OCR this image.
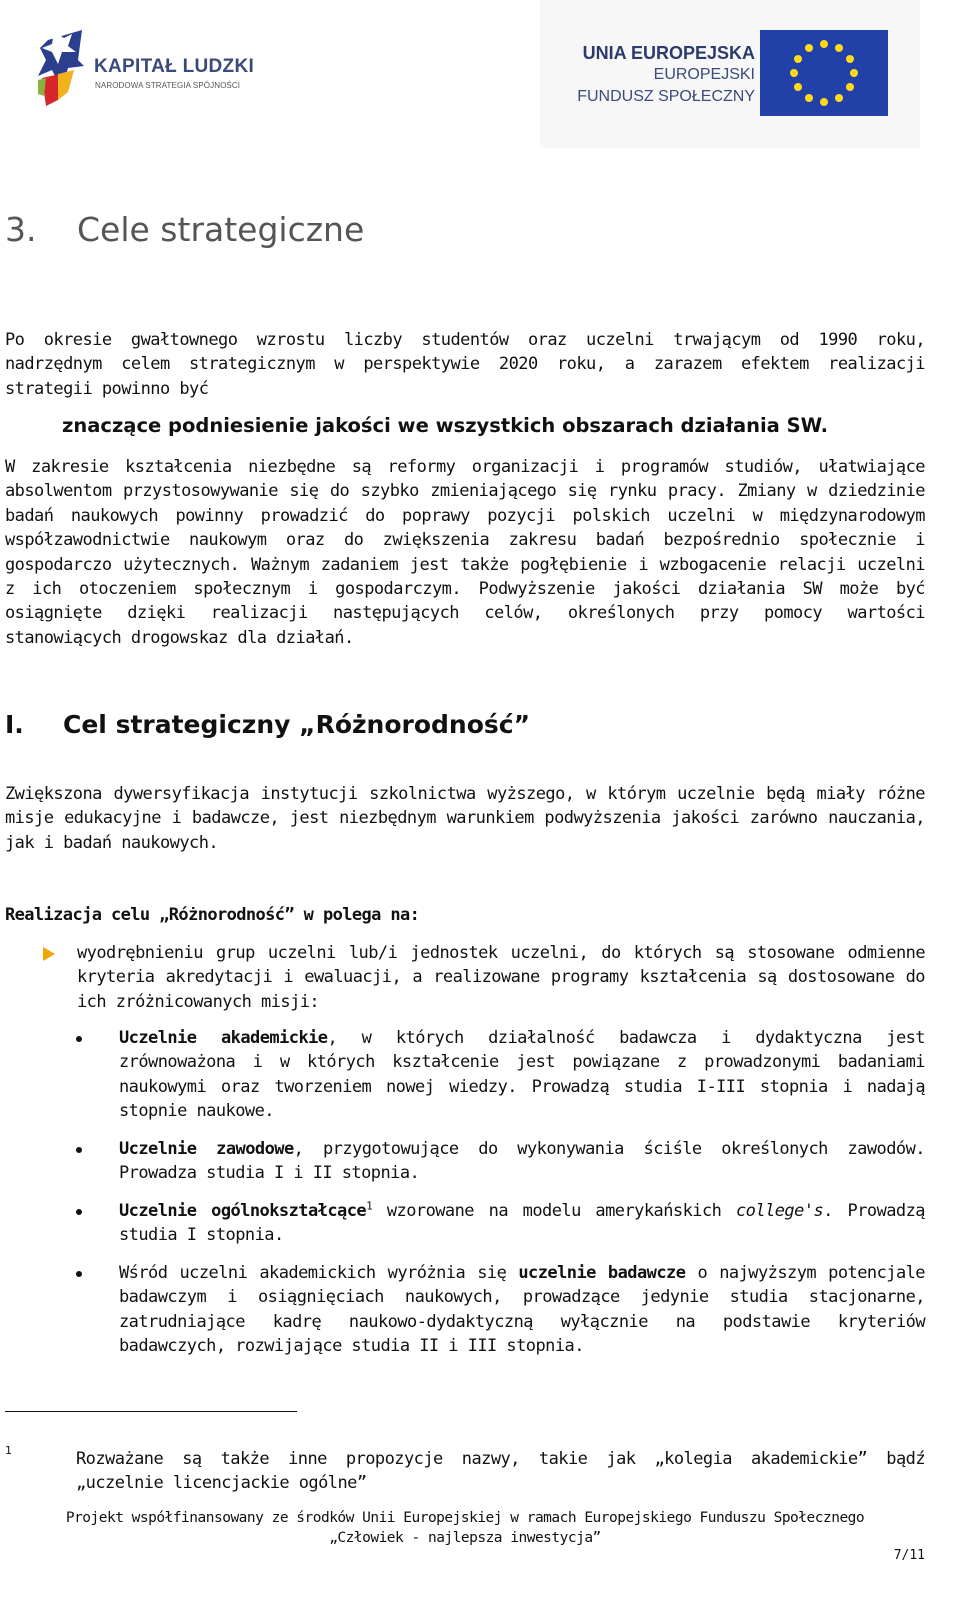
KAPITAŁ LUDZKI
NARODOWA STRATEGIA SPÓJNOŚCI
UNIA EUROPEJSKA
EUROPEJSKI
FUNDUSZ SPOŁECZNY
3. Cele strategiczne

Po okresie gwałtownego wzrostu liczby studentów oraz uczelni trwającym od 1990 roku, nadrzędnym celem strategicznym w perspektywie 2020 roku, a zarazem efektem realizacji strategii powinno być

znaczące podniesienie jakości we wszystkich obszarach działania SW.

W zakresie kształcenia niezbędne są reformy organizacji i programów studiów, ułatwiające absolwentom przystosowywanie się do szybko zmieniającego się rynku pracy. Zmiany w dziedzinie badań naukowych powinny prowadzić do poprawy pozycji polskich uczelni w międzynarodowym współzawodnictwie naukowym oraz do zwiększenia zakresu badań bezpośrednio społecznie i gospodarczo użytecznych. Ważnym zadaniem jest także pogłębienie i wzbogacenie relacji uczelni z ich otoczeniem społecznym i gospodarczym. Podwyższenie jakości działania SW może być osiągnięte dzięki realizacji następujących celów, określonych przy pomocy wartości stanowiących drogowskaz dla działań.

I. Cel strategiczny „Różnorodność”

Zwiększona dywersyfikacja instytucji szkolnictwa wyższego, w którym uczelnie będą miały różne misje edukacyjne i badawcze, jest niezbędnym warunkiem podwyższenia jakości zarówno nauczania, jak i badań naukowych.

Realizacja celu „Różnorodność” w polega na:

wyodrębnieniu grup uczelni lub/i jednostek uczelni, do których są stosowane odmienne kryteria akredytacji i ewaluacji, a realizowane programy kształcenia są dostosowane do ich zróżnicowanych misji:

Uczelnie akademickie, w których działalność badawcza i dydaktyczna jest zrównoważona i w których kształcenie jest powiązane z prowadzonymi badaniami naukowymi oraz tworzeniem nowej wiedzy. Prowadzą studia I-III stopnia i nadają stopnie naukowe.

Uczelnie zawodowe, przygotowujące do wykonywania ściśle określonych zawodów. Prowadza studia I i II stopnia.

Uczelnie ogólnokształcące$^1$ wzorowane na modelu amerykańskich college's. Prowadzą studia I stopnia.

Wśród uczelni akademickich wyróżnia się uczelnie badawcze o najwyższym potencjale badawczym i osiągnięciach naukowych, prowadzące jedynie studia stacjonarne, zatrudniające kadrę naukowo-dydaktyczną wyłącznie na podstawie kryteriów badawczych, rozwijające studia II i III stopnia.

1	Rozważane są także inne propozycje nazwy, takie jak „kolegia akademickie” bądź „uczelnie licencjackie ogólne”

Projekt współfinansowany ze środków Unii Europejskiej w ramach Europejskiego Funduszu Społecznego
„Człowiek - najlepsza inwestycja”
7/11
